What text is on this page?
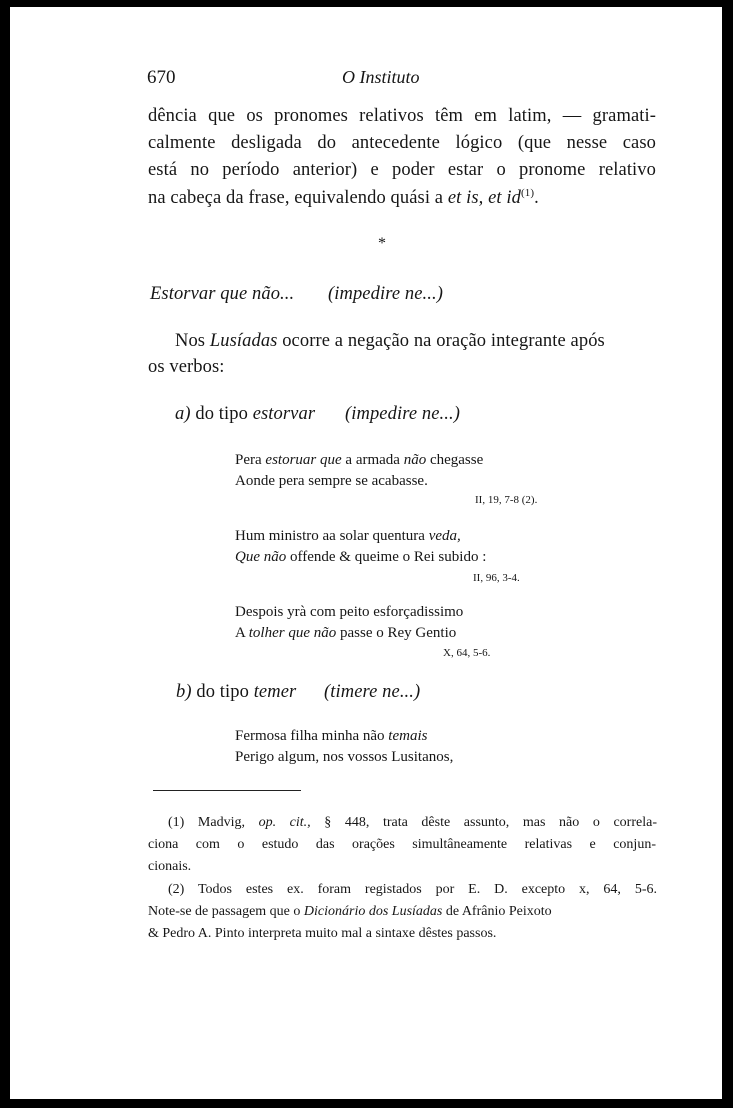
670	O Instituto
dência que os pronomes relativos têm em latim, — gramati-
calmente desligada do antecedente lógico (que nesse caso
está no período anterior) e poder estar o pronome relativo
na cabeça da frase, equivalendo quási a et is, et $id^{(1)}$.
*
Estorvar que não... (impedire ne...)
Nos Lusíadas ocorre a negação na oração integrante após
os verbos:
a) do tipo estorvar (impedire ne...)
Pera estoruar que a armada não chegasse
Aonde pera sempre se acabasse.
II, 19, 7-8 (2).
Hum ministro aa solar quentura veda,
Que não offende & queime o Rei subido :
II, 96, 3-4.
Despois yrà com peito esforçadissimo
A tolher que não passe o Rey Gentio
X, 64, 5-6.
b) do tipo temer (timere ne...)
Fermosa filha minha não temais
Perigo algum, nos vossos Lusitanos,
(1) Madvig, op. cit., § 448, trata dêste assunto, mas não o correla-
ciona com o estudo das orações simultâneamente relativas e conjun-
cionais.
(2) Todos estes ex. foram registados por E. D. excepto x, 64, 5-6.
Note-se de passagem que o Dicionário dos Lusíadas de Afrânio Peixoto
& Pedro A. Pinto interpreta muito mal a sintaxe dêstes passos.
